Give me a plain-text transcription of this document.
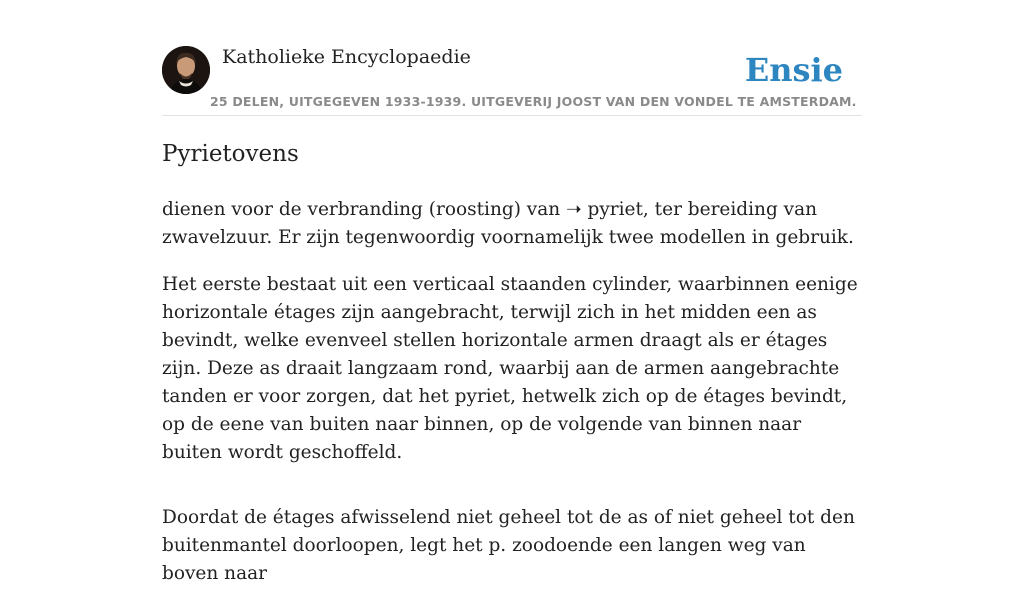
Katholieke Encyclopaedie
25 DELEN, UITGEGEVEN 1933-1939. UITGEVERIJ JOOST VAN DEN VONDEL TE AMSTERDAM.
Ensie
Pyrietovens

dienen voor de verbranding (roosting) van ➝ pyriet, ter bereiding van zwavelzuur. Er zijn tegenwoordig voornamelijk twee modellen in gebruik.

Het eerste bestaat uit een verticaal staanden cylinder, waarbinnen eenige horizontale étages zijn aangebracht, terwijl zich in het midden een as bevindt, welke evenveel stellen horizontale armen draagt als er étages zijn. Deze as draait langzaam rond, waarbij aan de armen aangebrachte tanden er voor zorgen, dat het pyriet, hetwelk zich op de étages bevindt, op de eene van buiten naar binnen, op de volgende van binnen naar buiten wordt geschoffeld.

Doordat de étages afwisselend niet geheel tot de as of niet geheel tot den buitenmantel doorloopen, legt het p. zoodoende een langen weg van boven naar
